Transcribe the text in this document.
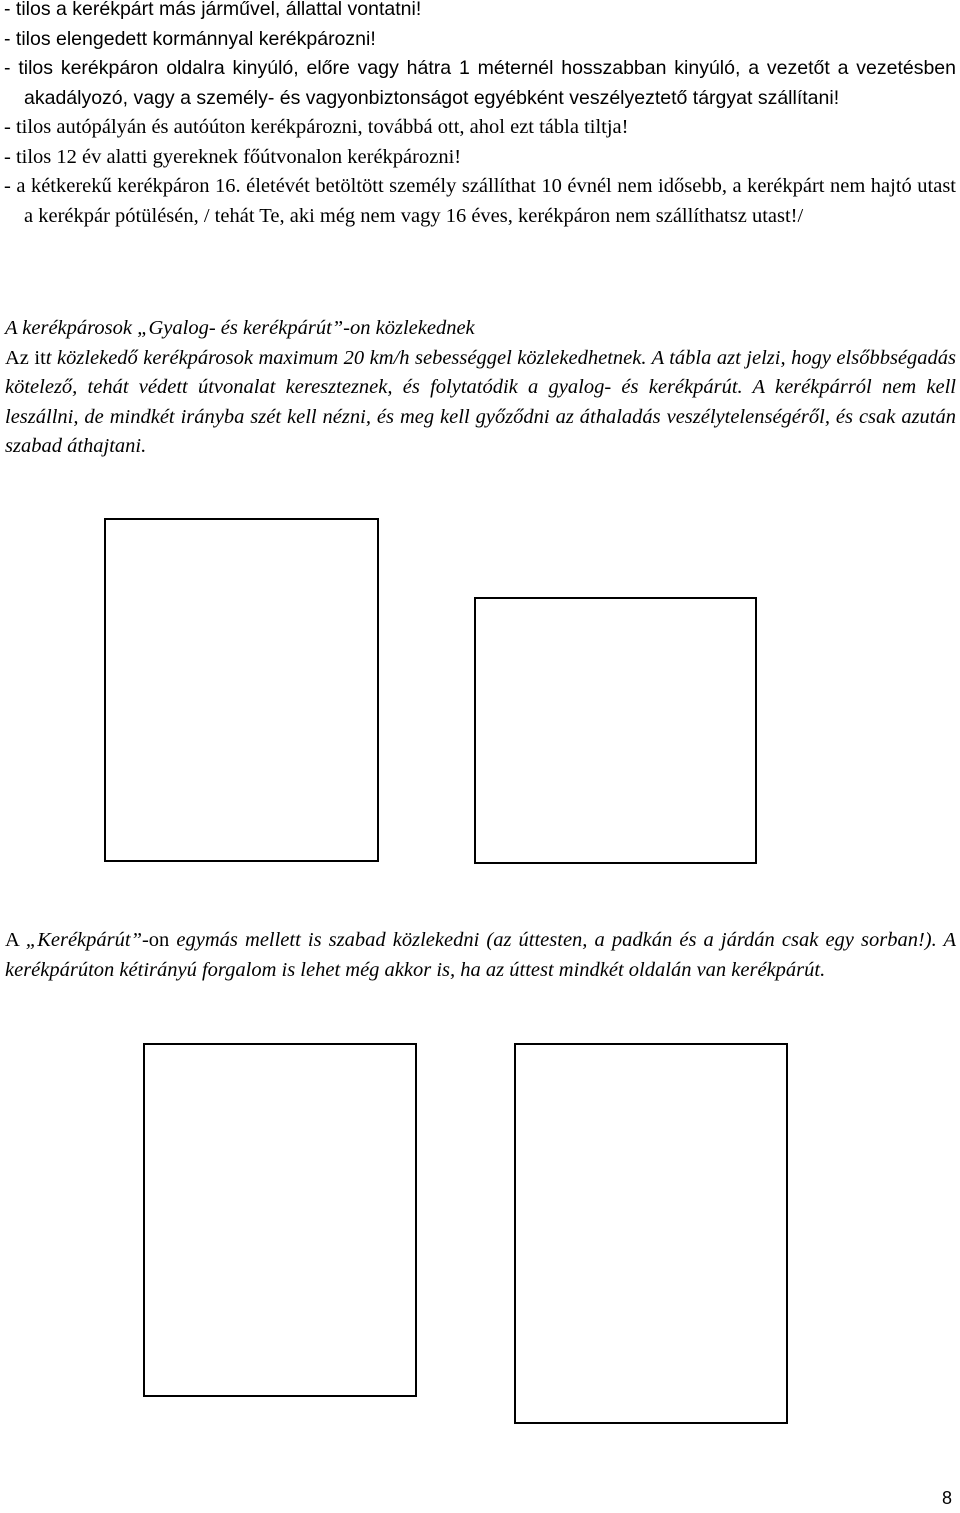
- tilos a kerékpárt más járművel, állattal vontatni!
- tilos elengedett kormánnyal kerékpározni!
- tilos kerékpáron oldalra kinyúló, előre vagy hátra 1 méternél hosszabban kinyúló, a vezetőt a vezetésben akadályozó, vagy a személy- és vagyonbiztonságot egyébként veszélyeztető tárgyat szállítani!
- tilos autópályán és autóúton kerékpározni, továbbá ott, ahol ezt tábla tiltja!
- tilos 12 év alatti gyereknek főútvonalon kerékpározni!
- a kétkerekű kerékpáron 16. életévét betöltött személy szállíthat 10 évnél nem idősebb, a kerékpárt nem hajtó utast a kerékpár pótülésén, / tehát Te, aki még nem vagy 16 éves, kerékpáron nem szállíthatsz utast!/
A kerékpárosok „Gyalog- és kerékpárút”-on közlekednek
Az itt közlekedő kerékpárosok maximum 20 km/h sebességgel közlekedhetnek. A tábla azt jelzi, hogy elsőbbségadás kötelező, tehát védett útvonalat kereszteznek, és folytatódik a gyalog- és kerékpárút. A kerékpárról nem kell leszállni, de mindkét irányba szét kell nézni, és meg kell győződni az áthaladás veszélytelenségéről, és csak azután szabad áthajtani.
A „Kerékpárút”-on egymás mellett is szabad közlekedni (az úttesten, a padkán és a járdán csak egy sorban!). A kerékpárúton kétirányú forgalom is lehet még akkor is, ha az úttest mindkét oldalán van kerékpárút.
8
